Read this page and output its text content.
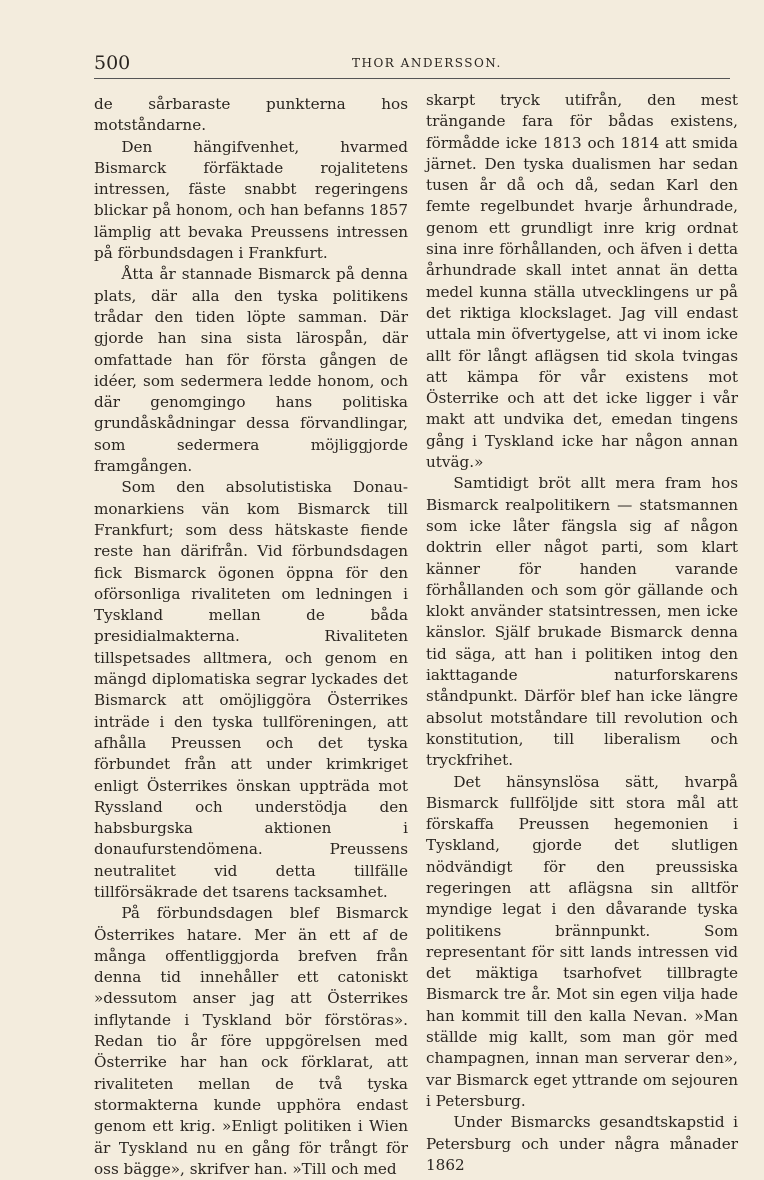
500	THOR ANDERSSON.

de sårbaraste punkterna hos motståndarne.

Den hängifvenhet, hvarmed Bismarck förfäktade rojalitetens intressen, fäste snabbt regeringens blickar på honom, och han befanns 1857 lämplig att bevaka Preussens intressen på förbundsdagen i Frankfurt.

Åtta år stannade Bismarck på denna plats, där alla den tyska politikens trådar den tiden löpte samman. Där gjorde han sina sista lärospån, där omfattade han för första gången de idéer, som sedermera ledde honom, och där genomgingo hans politiska grundåskådningar dessa förvandlingar, som sedermera möjliggjorde framgången.

Som den absolutistiska Donau-monarkiens vän kom Bismarck till Frankfurt; som dess hätskaste fiende reste han därifrån. Vid förbundsdagen fick Bismarck ögonen öppna för den oförsonliga rivaliteten om ledningen i Tyskland mellan de båda presidialmakterna. Rivaliteten tillspetsades alltmera, och genom en mängd diplomatiska segrar lyckades det Bismarck att omöjliggöra Österrikes inträde i den tyska tullföreningen, att afhålla Preussen och det tyska förbundet från att under krimkriget enligt Österrikes önskan uppträda mot Ryssland och understödja den habsburgska aktionen i donaufurstendömena. Preussens neutralitet vid detta tillfälle tillförsäkrade det tsarens tacksamhet.

På förbundsdagen blef Bismarck Österrikes hatare. Mer än ett af de många offentliggjorda brefven från denna tid innehåller ett catoniskt »dessutom anser jag att Österrikes inflytande i Tyskland bör förstöras». Redan tio år före uppgörelsen med Österrike har han ock förklarat, att rivaliteten mellan de två tyska stormakterna kunde upphöra endast genom ett krig. »Enligt politiken i Wien är Tyskland nu en gång för trångt för oss bägge», skrifver han. »Till och med

skarpt tryck utifrån, den mest trängande fara för bådas existens, förmådde icke 1813 och 1814 att smida järnet. Den tyska dualismen har sedan tusen år då och då, sedan Karl den femte regelbundet hvarje århundrade, genom ett grundligt inre krig ordnat sina inre förhållanden, och äfven i detta århundrade skall intet annat än detta medel kunna ställa utvecklingens ur på det riktiga klockslaget. Jag vill endast uttala min öfvertygelse, att vi inom icke allt för långt aflägsen tid skola tvingas att kämpa för vår existens mot Österrike och att det icke ligger i vår makt att undvika det, emedan tingens gång i Tyskland icke har någon annan utväg.»

Samtidigt bröt allt mera fram hos Bismarck realpolitikern — statsmannen som icke låter fängsla sig af någon doktrin eller något parti, som klart känner för handen varande förhållanden och som gör gällande och klokt använder statsintressen, men icke känslor. Själf brukade Bismarck denna tid säga, att han i politiken intog den iakttagande naturforskarens ståndpunkt. Därför blef han icke längre absolut motståndare till revolution och konstitution, till liberalism och tryckfrihet.

Det hänsynslösa sätt, hvarpå Bismarck fullföljde sitt stora mål att förskaffa Preussen hegemonien i Tyskland, gjorde det slutligen nödvändigt för den preussiska regeringen att aflägsna sin alltför myndige legat i den dåvarande tyska politikens brännpunkt. Som representant för sitt lands intressen vid det mäktiga tsarhofvet tillbragte Bismarck tre år. Mot sin egen vilja hade han kommit till den kalla Nevan. »Man ställde mig kallt, som man gör med champagnen, innan man serverar den», var Bismarck eget yttrande om sejouren i Petersburg.

Under Bismarcks gesandtskapstid i Petersburg och under några månader 1862
